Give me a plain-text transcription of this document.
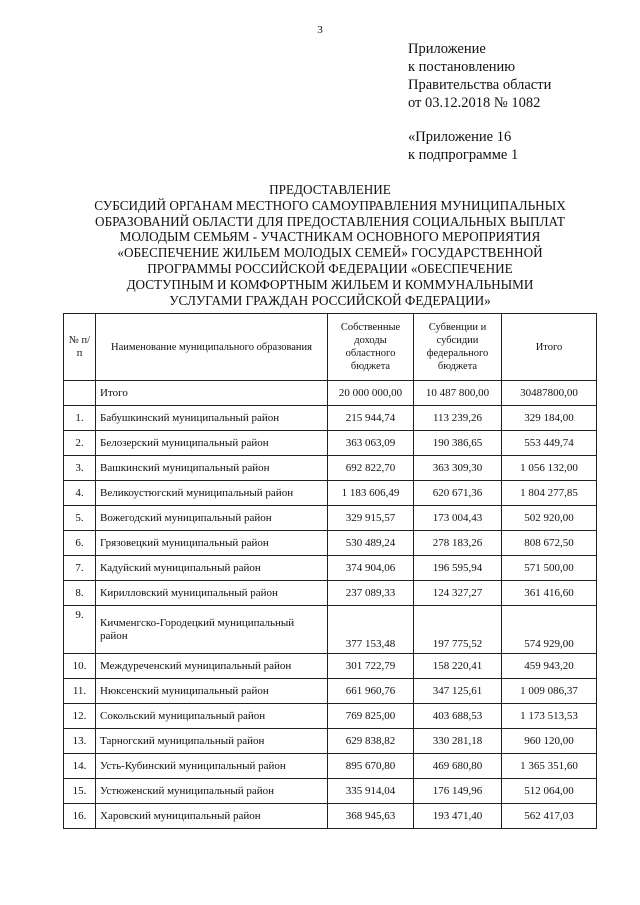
3
Приложение
к постановлению
Правительства области
от 03.12.2018 № 1082
«Приложение 16
к подпрограмме 1
ПРЕДОСТАВЛЕНИЕ
СУБСИДИЙ ОРГАНАМ МЕСТНОГО САМОУПРАВЛЕНИЯ МУНИЦИПАЛЬНЫХ
ОБРАЗОВАНИЙ ОБЛАСТИ ДЛЯ ПРЕДОСТАВЛЕНИЯ СОЦИАЛЬНЫХ ВЫПЛАТ
МОЛОДЫМ СЕМЬЯМ - УЧАСТНИКАМ ОСНОВНОГО МЕРОПРИЯТИЯ
«ОБЕСПЕЧЕНИЕ ЖИЛЬЕМ МОЛОДЫХ СЕМЕЙ» ГОСУДАРСТВЕННОЙ
ПРОГРАММЫ РОССИЙСКОЙ ФЕДЕРАЦИИ «ОБЕСПЕЧЕНИЕ
ДОСТУПНЫМ И КОМФОРТНЫМ ЖИЛЬЕМ И КОММУНАЛЬНЫМИ
УСЛУГАМИ ГРАЖДАН РОССИЙСКОЙ ФЕДЕРАЦИИ»
№ п/п	Наименование муниципального образования	Собственные доходы областного бюджета	Субвенции и субсидии федерального бюджета	Итого
	Итого	20 000 000,00	10 487 800,00	30487800,00
1.	Бабушкинский муниципальный район	215 944,74	113 239,26	329 184,00
2.	Белозерский муниципальный район	363 063,09	190 386,65	553 449,74
3.	Вашкинский муниципальный район	692 822,70	363 309,30	1 056 132,00
4.	Великоустюгский муниципальный район	1 183 606,49	620 671,36	1 804 277,85
5.	Вожегодский муниципальный район	329 915,57	173 004,43	502 920,00
6.	Грязовецкий муниципальный район	530 489,24	278 183,26	808 672,50
7.	Кадуйский муниципальный район	374 904,06	196 595,94	571 500,00
8.	Кирилловский муниципальный район	237 089,33	124 327,27	361 416,60
9.	Кичменгско-Городецкий муниципальный район	377 153,48	197 775,52	574 929,00
10.	Междуреченский муниципальный район	301 722,79	158 220,41	459 943,20
11.	Нюксенский муниципальный район	661 960,76	347 125,61	1 009 086,37
12.	Сокольский муниципальный район	769 825,00	403 688,53	1 173 513,53
13.	Тарногский муниципальный район	629 838,82	330 281,18	960 120,00
14.	Усть-Кубинский муниципальный район	895 670,80	469 680,80	1 365 351,60
15.	Устюженский муниципальный район	335 914,04	176 149,96	512 064,00
16.	Харовский муниципальный район	368 945,63	193 471,40	562 417,03
